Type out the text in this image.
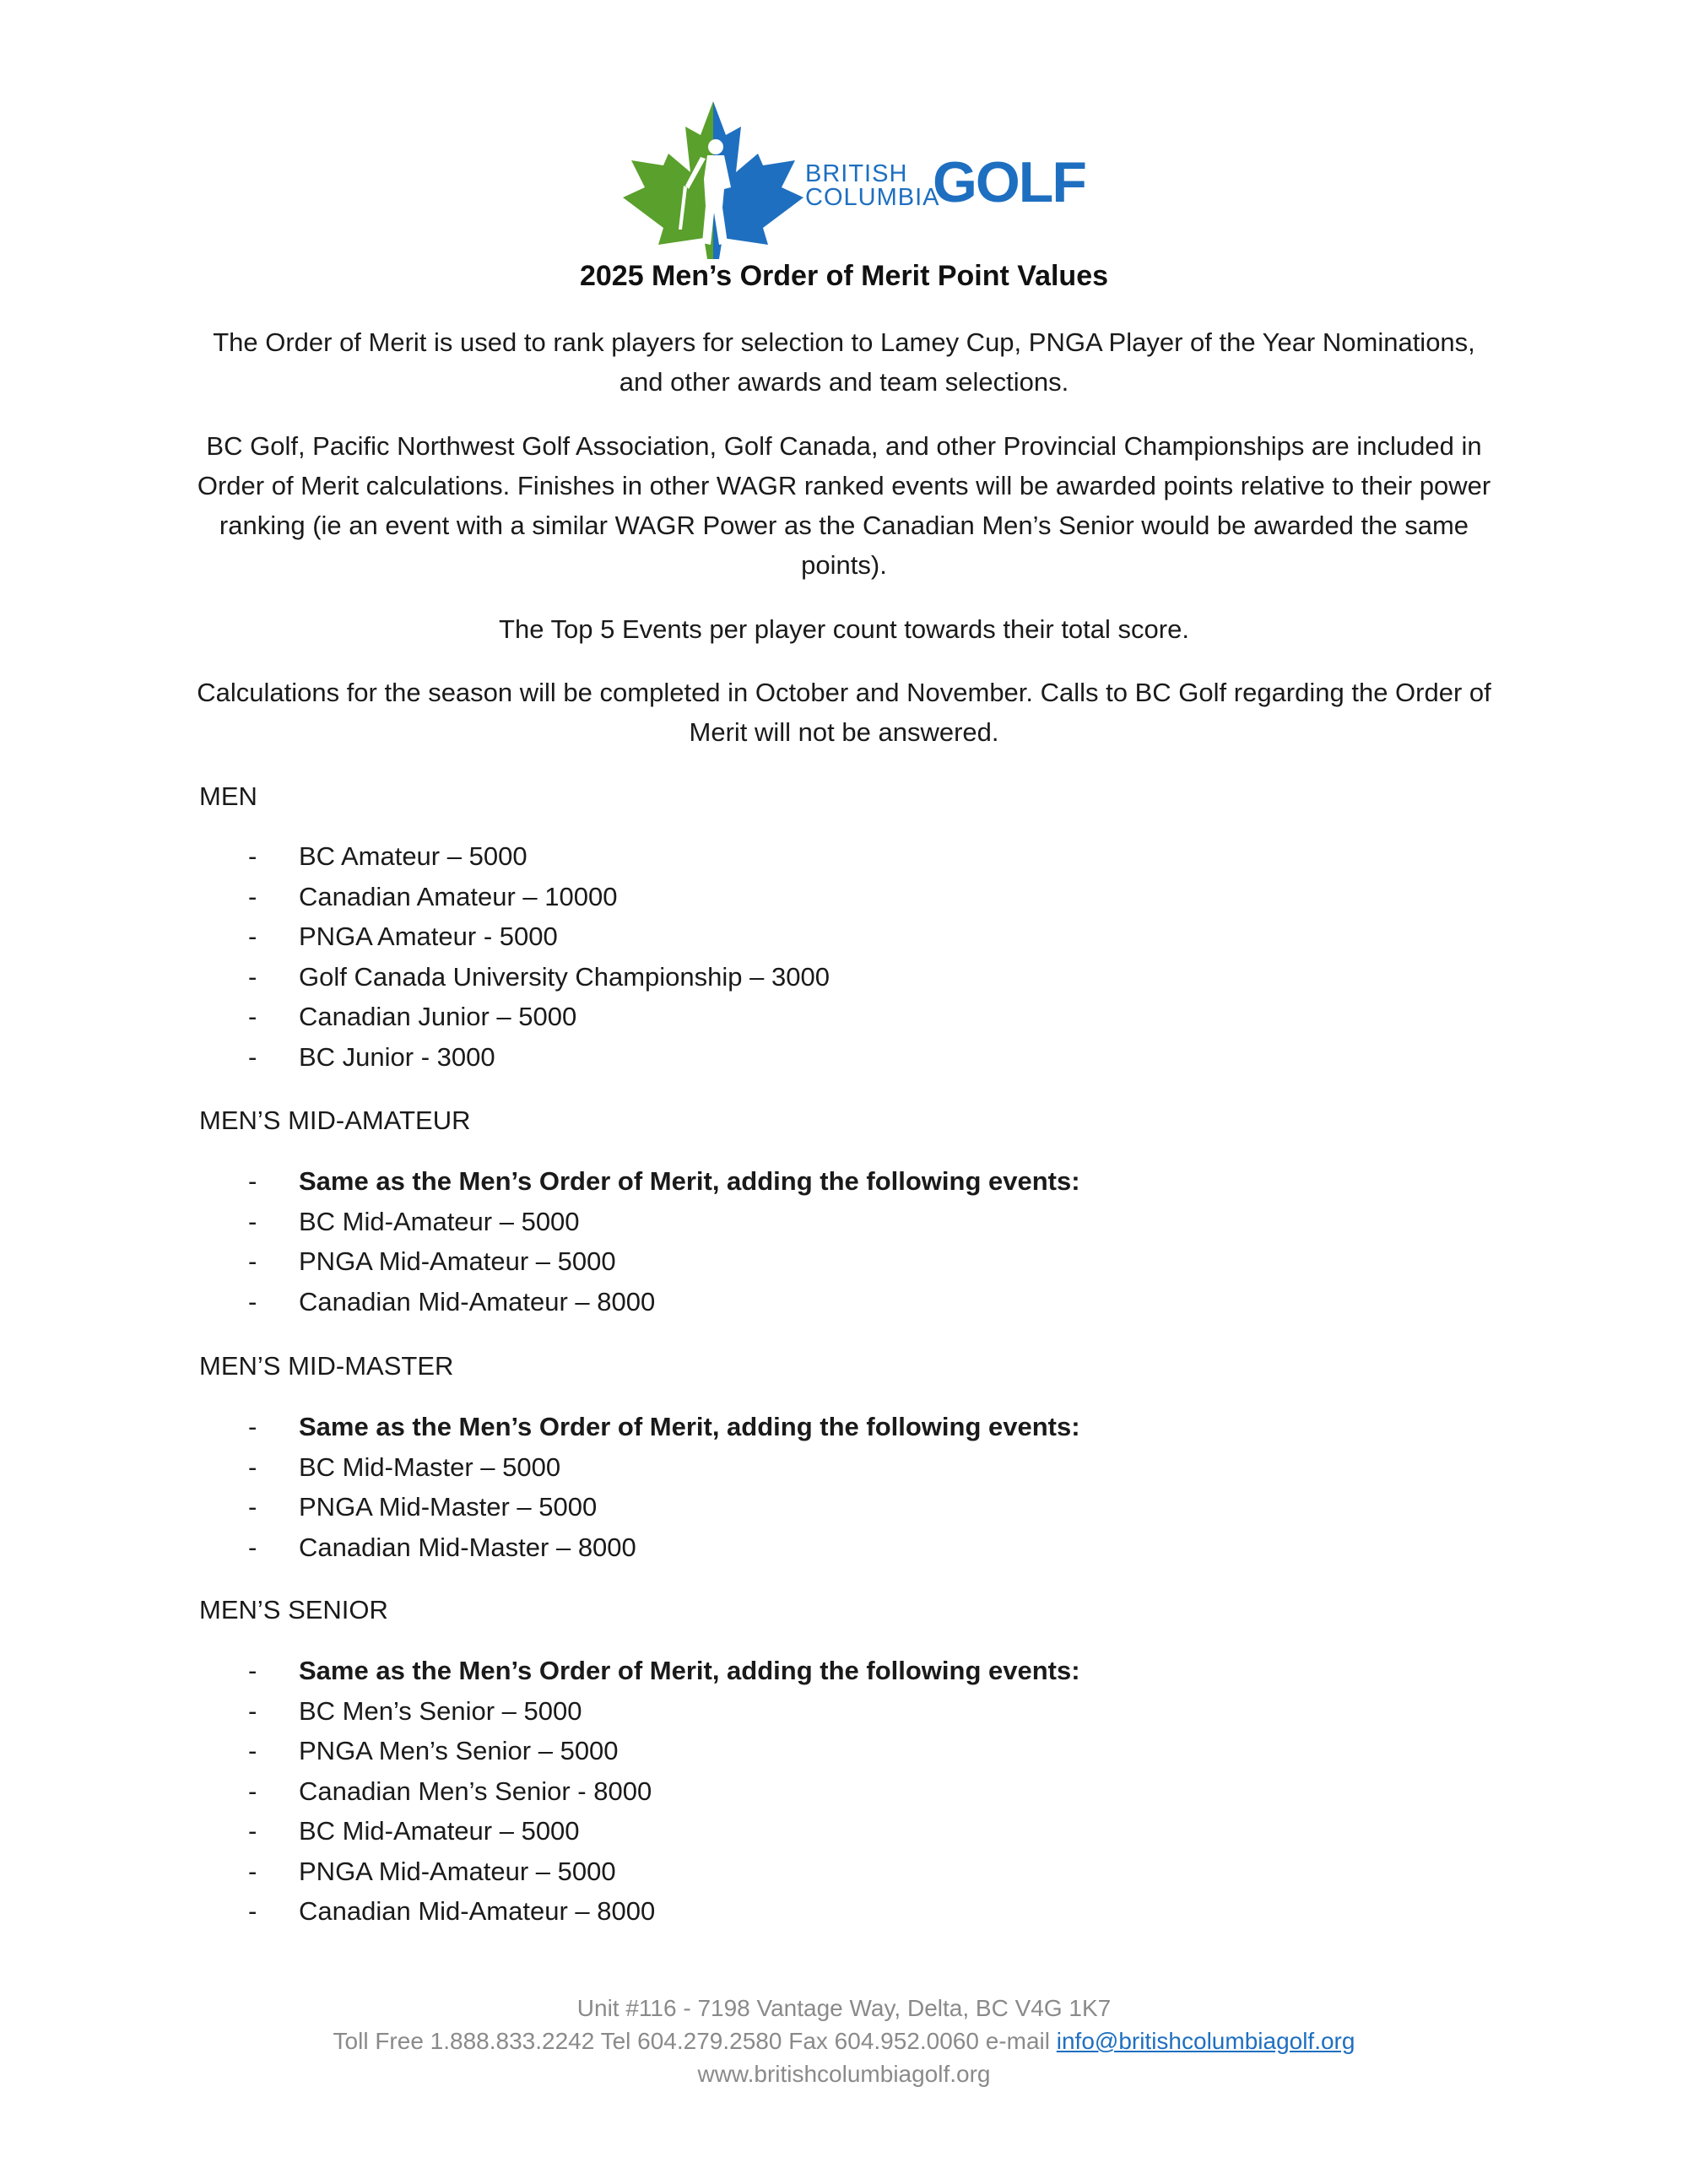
BRITISH
COLUMBIA
GOLF
2025 Men’s Order of Merit Point Values
The Order of Merit is used to rank players for selection to Lamey Cup, PNGA Player of the Year Nominations, and other awards and team selections.
BC Golf, Pacific Northwest Golf Association, Golf Canada, and other Provincial Championships are included in Order of Merit calculations. Finishes in other WAGR ranked events will be awarded points relative to their power ranking (ie an event with a similar WAGR Power as the Canadian Men’s Senior would be awarded the same points).
The Top 5 Events per player count towards their total score.
Calculations for the season will be completed in October and November. Calls to BC Golf regarding the Order of Merit will not be answered.
MEN
- BC Amateur – 5000
- Canadian Amateur – 10000
- PNGA Amateur - 5000
- Golf Canada University Championship – 3000
- Canadian Junior – 5000
- BC Junior - 3000
MEN’S MID-AMATEUR
- Same as the Men’s Order of Merit, adding the following events:
- BC Mid-Amateur – 5000
- PNGA Mid-Amateur – 5000
- Canadian Mid-Amateur – 8000
MEN’S MID-MASTER
- Same as the Men’s Order of Merit, adding the following events:
- BC Mid-Master – 5000
- PNGA Mid-Master – 5000
- Canadian Mid-Master – 8000
MEN’S SENIOR
- Same as the Men’s Order of Merit, adding the following events:
- BC Men’s Senior – 5000
- PNGA Men’s Senior – 5000
- Canadian Men’s Senior - 8000
- BC Mid-Amateur – 5000
- PNGA Mid-Amateur – 5000
- Canadian Mid-Amateur – 8000
Unit #116 - 7198 Vantage Way, Delta, BC V4G 1K7
Toll Free 1.888.833.2242 Tel 604.279.2580 Fax 604.952.0060 e-mail info@britishcolumbiagolf.org
www.britishcolumbiagolf.org
